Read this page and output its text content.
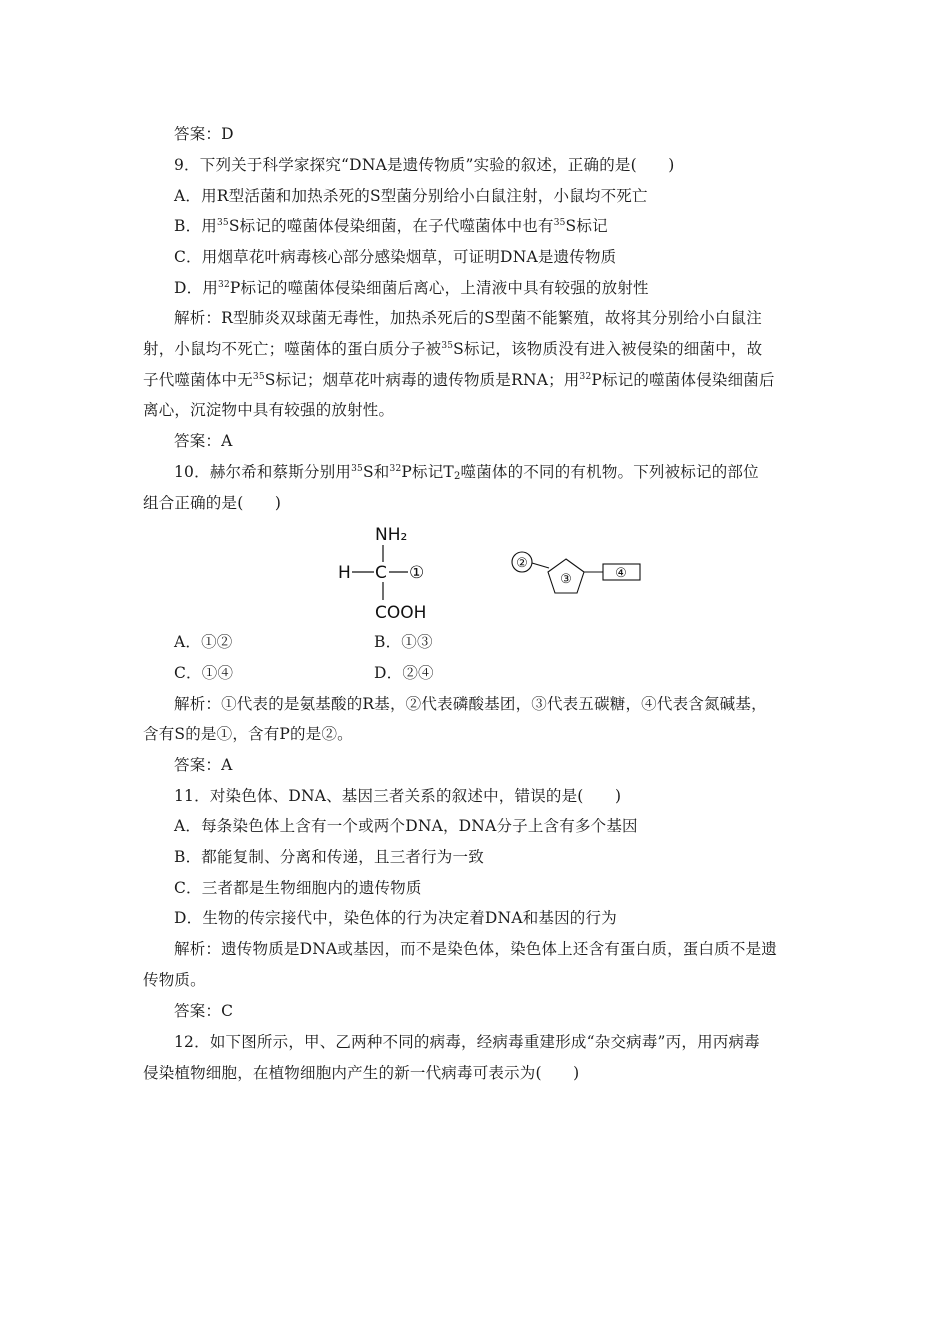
答案：D
9．下列关于科学家探究“DNA是遗传物质”实验的叙述，正确的是(　　)
A．用R型活菌和加热杀死的S型菌分别给小白鼠注射，小鼠均不死亡
B．用$^{35}$S标记的噬菌体侵染细菌，在子代噬菌体中也有$^{35}$S标记
C．用烟草花叶病毒核心部分感染烟草，可证明DNA是遗传物质
D．用$^{32}$P标记的噬菌体侵染细菌后离心，上清液中具有较强的放射性
解析：R型肺炎双球菌无毒性，加热杀死后的S型菌不能繁殖，故将其分别给小白鼠注
射，小鼠均不死亡；噬菌体的蛋白质分子被$^{35}$S标记，该物质没有进入被侵染的细菌中，故
子代噬菌体中无$^{35}$S标记；烟草花叶病毒的遗传物质是RNA；用$^{32}$P标记的噬菌体侵染细菌后
离心，沉淀物中具有较强的放射性。
答案：A
10．赫尔希和蔡斯分别用$^{35}$S和$^{32}$P标记$T_2$噬菌体的不同的有机物。下列被标记的部位
组合正确的是(　　)
NH₂
H C ①
COOH
②
③	④
A．①②	B．①③
C．①④	D．②④
解析：①代表的是氨基酸的R基，②代表磷酸基团，③代表五碳糖，④代表含氮碱基，
含有S的是①，含有P的是②。
答案：A
11．对染色体、DNA、基因三者关系的叙述中，错误的是(　　)
A．每条染色体上含有一个或两个DNA，DNA分子上含有多个基因
B．都能复制、分离和传递，且三者行为一致
C．三者都是生物细胞内的遗传物质
D．生物的传宗接代中，染色体的行为决定着DNA和基因的行为
解析：遗传物质是DNA或基因，而不是染色体，染色体上还含有蛋白质，蛋白质不是遗
传物质。
答案：C
12．如下图所示，甲、乙两种不同的病毒，经病毒重建形成“杂交病毒”丙，用丙病毒
侵染植物细胞，在植物细胞内产生的新一代病毒可表示为(　　)
